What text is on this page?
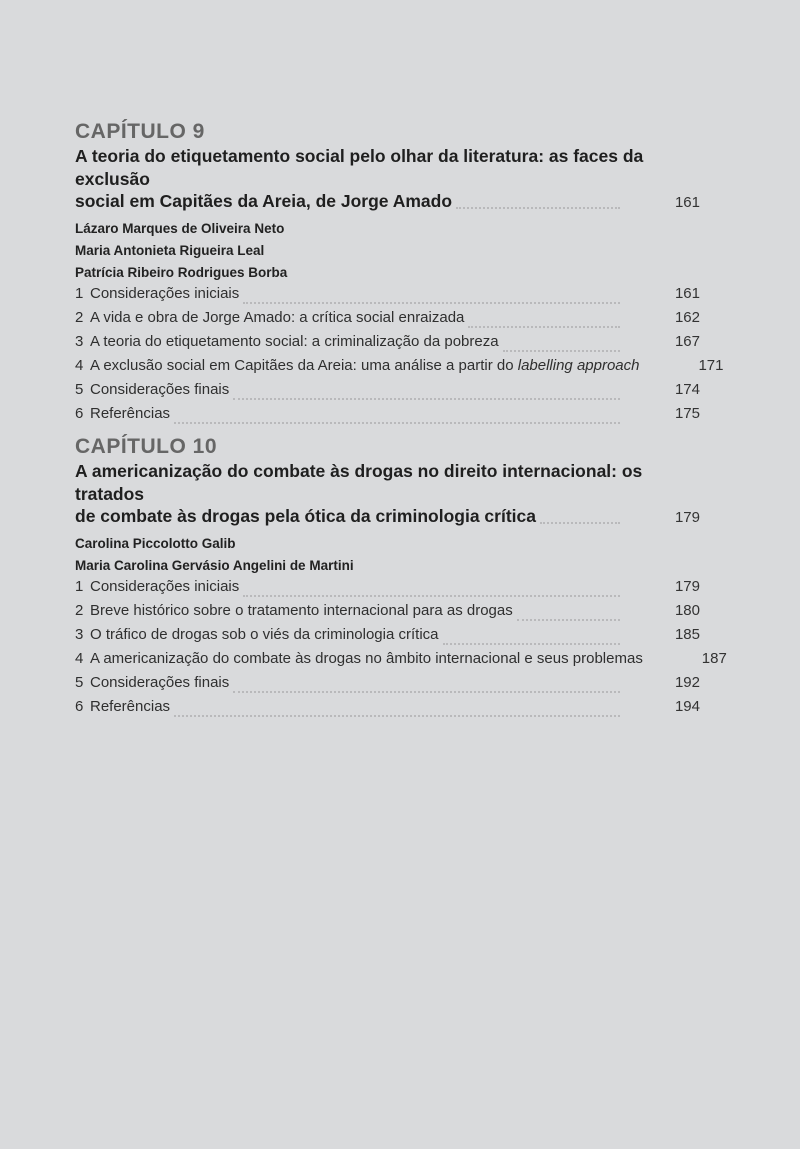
CAPÍTULO 9
A teoria do etiquetamento social pelo olhar da literatura: as faces da exclusão
social em Capitães da Areia, de Jorge Amado	161
Lázaro Marques de Oliveira Neto
Maria Antonieta Rigueira Leal
Patrícia Ribeiro Rodrigues Borba
1 Considerações iniciais	161
2 A vida e obra de Jorge Amado: a crítica social enraizada	162
3 A teoria do etiquetamento social: a criminalização da pobreza	167
4 A exclusão social em Capitães da Areia: uma análise a partir do labelling approach	171
5 Considerações finais	174
6 Referências	175
CAPÍTULO 10
A americanização do combate às drogas no direito internacional: os tratados
de combate às drogas pela ótica da criminologia crítica	179
Carolina Piccolotto Galib
Maria Carolina Gervásio Angelini de Martini
1 Considerações iniciais	179
2 Breve histórico sobre o tratamento internacional para as drogas	180
3 O tráfico de drogas sob o viés da criminologia crítica	185
4 A americanização do combate às drogas no âmbito internacional e seus problemas	187
5 Considerações finais	192
6 Referências	194
